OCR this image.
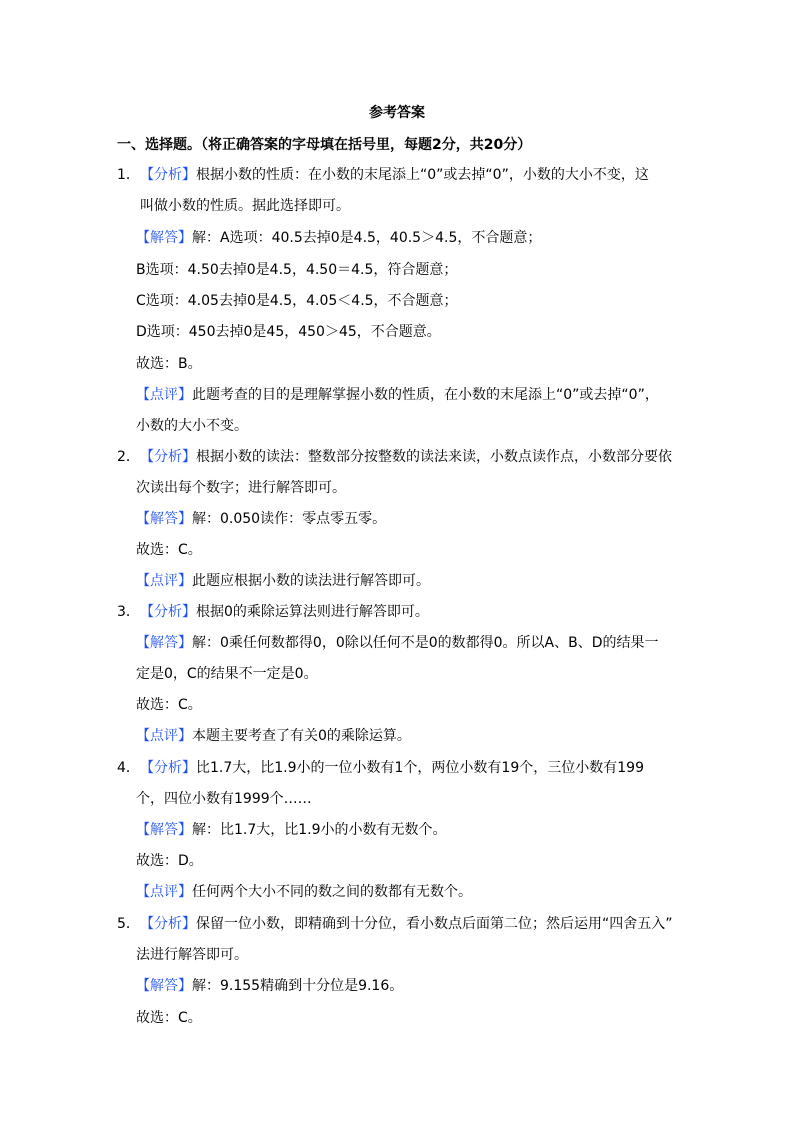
参考答案
一、选择题。（将正确答案的字母填在括号里，每题2分，共20分）
1． 【分析】根据小数的性质：在小数的末尾添上“0”或去掉“0”，小数的大小不变，这
叫做小数的性质。据此选择即可。
【解答】解：A选项：40.5去掉0是4.5，40.5＞4.5，不合题意；
B选项：4.50去掉0是4.5，4.50＝4.5，符合题意；
C选项：4.05去掉0是4.5，4.05＜4.5，不合题意；
D选项：450去掉0是45，450＞45，不合题意。
故选：B。
【点评】此题考查的目的是理解掌握小数的性质，在小数的末尾添上“0”或去掉“0”，
小数的大小不变。
2． 【分析】根据小数的读法：整数部分按整数的读法来读，小数点读作点，小数部分要依
次读出每个数字；进行解答即可。
【解答】解：0.050读作：零点零五零。
故选：C。
【点评】此题应根据小数的读法进行解答即可。
3． 【分析】根据0的乘除运算法则进行解答即可。
【解答】解：0乘任何数都得0，0除以任何不是0的数都得0。所以A、B、D的结果一
定是0，C的结果不一定是0。
故选：C。
【点评】本题主要考查了有关0的乘除运算。
4． 【分析】比1.7大，比1.9小的一位小数有1个，两位小数有19个，三位小数有199
个，四位小数有1999个……
【解答】解：比1.7大，比1.9小的小数有无数个。
故选：D。
【点评】任何两个大小不同的数之间的数都有无数个。
5． 【分析】保留一位小数，即精确到十分位，看小数点后面第二位；然后运用“四舍五入”
法进行解答即可。
【解答】解：9.155精确到十分位是9.16。
故选：C。
